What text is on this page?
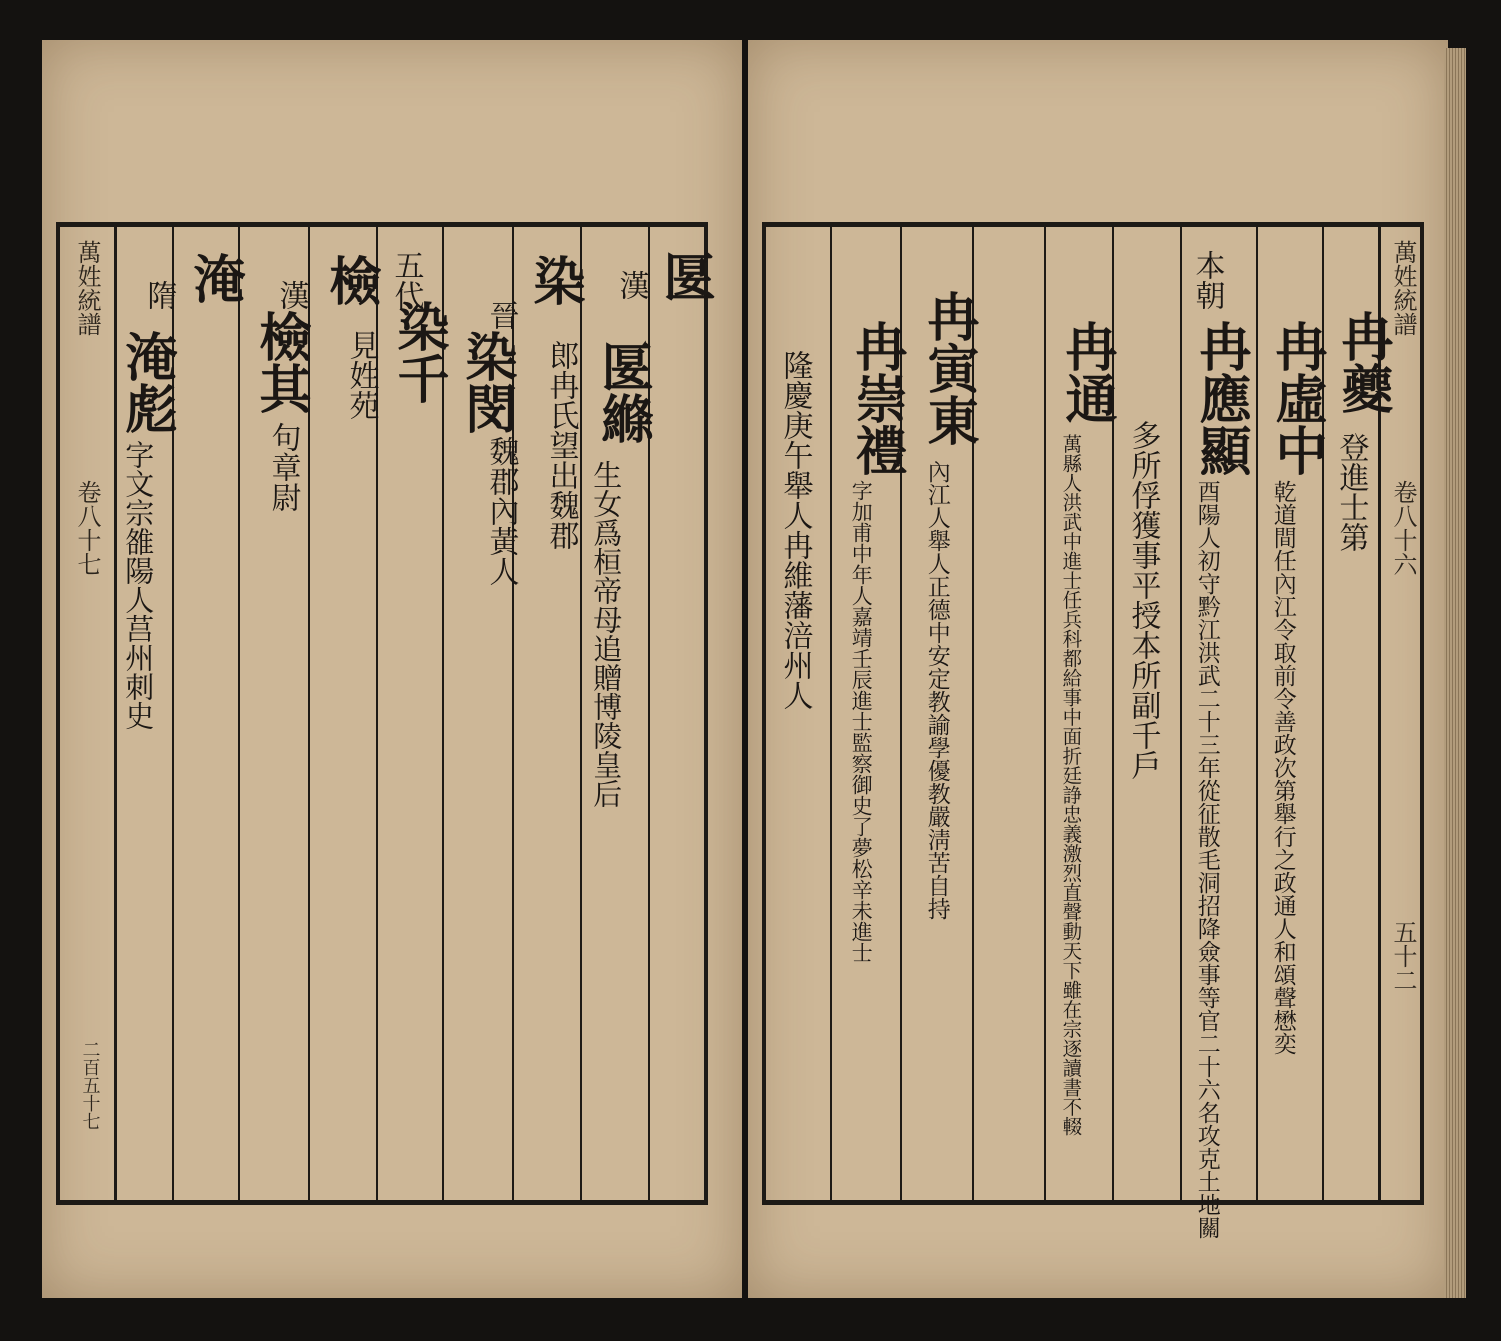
萬姓統譜
卷八十七
二百五十七
匽
漢
匽縧
生女爲桓帝母追贈博陵皇后
染
晉
染閔
魏郡內黃人 郎冉氏望出魏郡
五代
染千
檢
見姓苑
漢
檢其
句章尉
淹
隋
淹彪
字文宗雒陽人莒州刺史
萬姓統譜
卷八十六
五十二
冉夔
登進士第
冉虛中
乾道間任內江令取前令善政次第舉行之政通人和頌聲懋奕
本朝
冉應顯
酉陽人初守黔江洪武二十三年從征散毛洞招降僉事等官二十六名攻克土地關
多所俘獲事平授本所副千戶
冉通
萬縣人洪武中進士任兵科都給事中面折廷諍忠義激烈直聲動天下雖在宗逐讀書不輟
冉寅東
內江人舉人正德中安定教諭學優教嚴淸苦自持
冉崇禮
字加甫中年人嘉靖壬辰進士監察御史了夢松辛未進士
隆慶庚午舉人冉維藩涪州人
